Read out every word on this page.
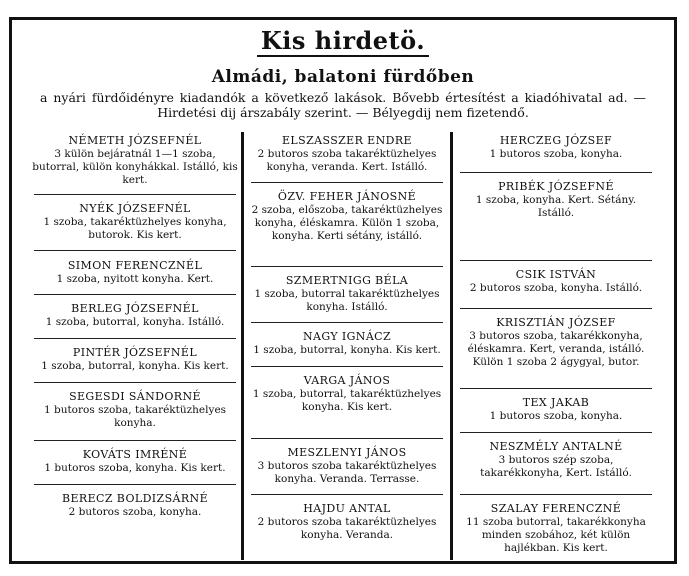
Kis hirdetö.
Almádi, balatoni fürdőben
a nyári fürdőidényre kiadandók a következő lakások. Bővebb értesítést a kiadóhivatal ad. — Hirdetési dij árszabály szerint. — Bélyegdij nem fizetendő.
NÉMETH JÓZSEFNÉL
3 külön bejáratnál 1—1 szoba, butorral, külön konyhákkal. Istálló, kis kert.
NYÉK JÓZSEFNÉL
1 szoba, takaréktüzhelyes konyha, butorok. Kis kert.
SIMON FERENCZNÉL
1 szoba, nyitott konyha. Kert.
BERLEG JÓZSEFNÉL
1 szoba, butorral, konyha. Istálló.
PINTÉR JÓZSEFNÉL
1 szoba, butorral, konyha. Kis kert.
SEGESDI SÁNDORNÉ
1 butoros szoba, takaréktüzhelyes konyha.
KOVÁTS IMRÉNÉ
1 butoros szoba, konyha. Kis kert.
BERECZ BOLDIZSÁRNÉ
2 butoros szoba, konyha.
ELSZASSZER ENDRE
2 butoros szoba takaréktüzhelyes konyha, veranda. Kert. Istálló.
ÖZV. FEHER JÁNOSNÉ
2 szoba, előszoba, takaréktüzhelyes konyha, éléskamra. Külön 1 szoba, konyha. Kerti sétány, istálló.
SZMERTNIGG BÉLA
1 szoba, butorral takaréktüzhelyes konyha. Istálló.
NAGY IGNÁCZ
1 szoba, butorral, konyha. Kis kert.
VARGA JÁNOS
1 szoba, butorral, takaréktüzhelyes konyha. Kis kert.
MESZLENYI JÁNOS
3 butoros szoba takaréktüzhelyes konyha. Veranda. Terrasse.
HAJDU ANTAL
2 butoros szoba takaréktüzhelyes konyha. Veranda.
HERCZEG JÓZSEF
1 butoros szoba, konyha.
PRIBÉK JÓZSEFNÉ
1 szoba, konyha. Kert. Sétány. Istálló.
CSIK ISTVÁN
2 butoros szoba, konyha. Istálló.
KRISZTIÁN JÓZSEF
3 butoros szoba, takarékkonyha, éléskamra. Kert, veranda, istálló. Külön 1 szoba 2 ágygyal, butor.
TEX JAKAB
1 butoros szoba, konyha.
NESZMÉLY ANTALNÉ
3 butoros szép szoba, takarékkonyha, Kert. Istálló.
SZALAY FERENCZNÉ
11 szoba butorral, takarékkonyha minden szobához, két külön hajlékban. Kis kert.
